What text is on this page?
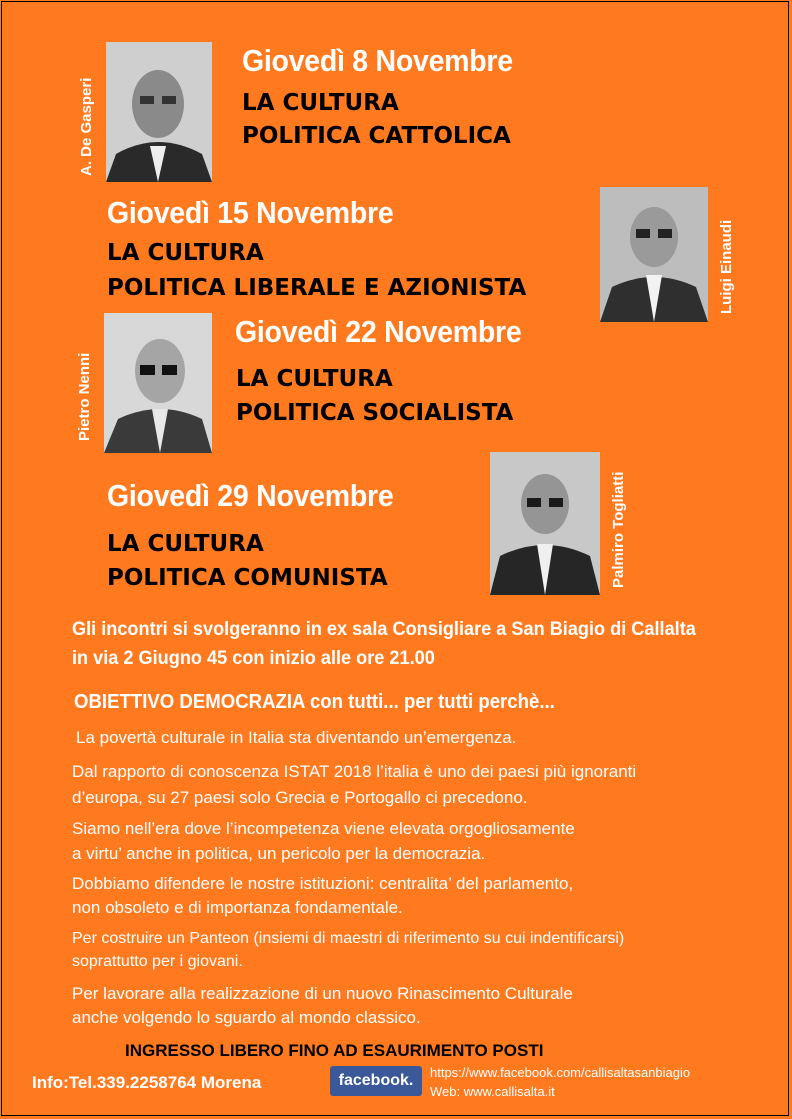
A. De Gasperi
Giovedì 8 Novembre
LA CULTURA
POLITICA CATTOLICA
Giovedì 15 Novembre
LA CULTURA
POLITICA LIBERALE E AZIONISTA	Luigi Einaudi
Pietro Nenni
Giovedì 22 Novembre
LA CULTURA
POLITICA SOCIALISTA
Giovedì 29 Novembre
LA CULTURA
POLITICA COMUNISTA	Palmiro Togliatti
Gli incontri si svolgeranno in ex sala Consigliare a San Biagio di Callalta
in via 2 Giugno 45 con inizio alle ore 21.00
OBIETTIVO DEMOCRAZIA con tutti... per tutti perchè...
La povertà culturale in Italia sta diventando un’emergenza.
Dal rapporto di conoscenza ISTAT 2018 l’italia è uno dei paesi più ignoranti
d’europa, su 27 paesi solo Grecia e Portogallo ci precedono.
Siamo nell’era dove l’incompetenza viene elevata orgogliosamente
a virtu’ anche in politica, un pericolo per la democrazia.
Dobbiamo difendere le nostre istituzioni: centralita’ del parlamento,
non obsoleto e di importanza fondamentale.
Per costruire un Panteon (insiemi di maestri di riferimento su cui indentificarsi)
soprattutto per i giovani.
Per lavorare alla realizzazione di un nuovo Rinascimento Culturale
anche volgendo lo sguardo al mondo classico.
INGRESSO LIBERO FINO AD ESAURIMENTO POSTI
Info:Tel.339.2258764 Morena	facebook.	https://www.facebook.com/callisaltasanbiagio
Web: www.callisalta.it
